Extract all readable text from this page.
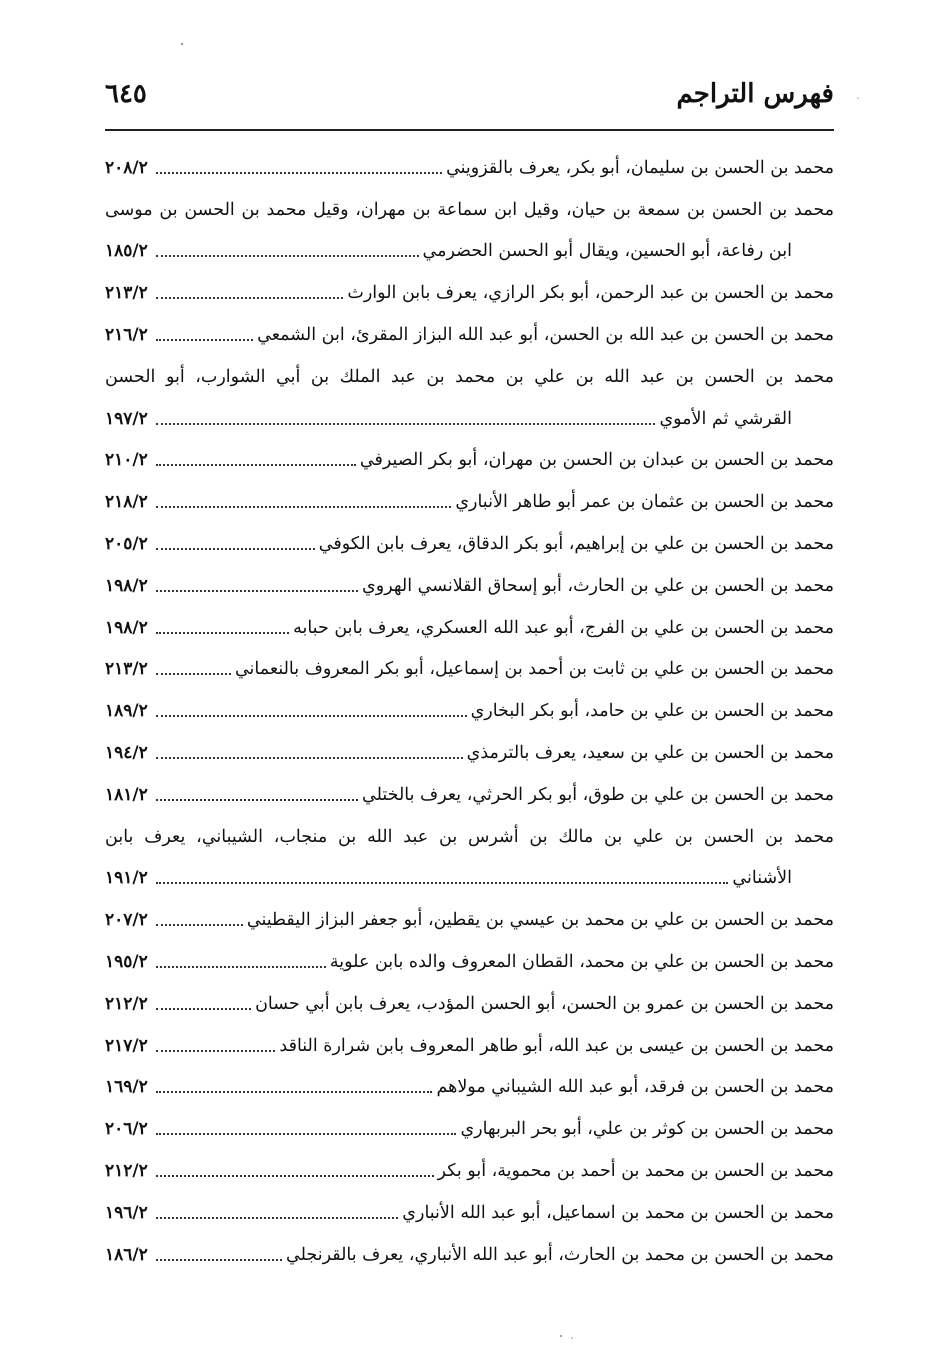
فهرس التراجم
٦٤٥
محمد بن الحسن بن سليمان، أبو بكر، يعرف بالقزويني
٢٠٨/٢
محمد بن الحسن بن سمعة بن حيان، وقيل ابن سماعة بن مهران، وقيل محمد بن الحسن بن موسى
ابن رفاعة، أبو الحسين، ويقال أبو الحسن الحضرمي
١٨٥/٢
محمد بن الحسن بن عبد الرحمن، أبو بكر الرازي، يعرف بابن الوارث
٢١٣/٢
محمد بن الحسن بن عبد الله بن الحسن، أبو عبد الله البزاز المقرئ، ابن الشمعي
٢١٦/٢
محمد بن الحسن بن عبد الله بن علي بن محمد بن عبد الملك بن أبي الشوارب، أبو الحسن
القرشي ثم الأموي
١٩٧/٢
محمد بن الحسن بن عبدان بن الحسن بن مهران، أبو بكر الصيرفي
٢١٠/٢
محمد بن الحسن بن عثمان بن عمر أبو طاهر الأنباري
٢١٨/٢
محمد بن الحسن بن علي بن إبراهيم، أبو بكر الدقاق، يعرف بابن الكوفي
٢٠٥/٢
محمد بن الحسن بن علي بن الحارث، أبو إسحاق القلانسي الهروي
١٩٨/٢
محمد بن الحسن بن علي بن الفرج، أبو عبد الله العسكري، يعرف بابن حبابه
١٩٨/٢
محمد بن الحسن بن علي بن ثابت بن أحمد بن إسماعيل، أبو بكر المعروف بالنعماني
٢١٣/٢
محمد بن الحسن بن علي بن حامد، أبو بكر البخاري
١٨٩/٢
محمد بن الحسن بن علي بن سعيد، يعرف بالترمذي
١٩٤/٢
محمد بن الحسن بن علي بن طوق، أبو بكر الحرثي، يعرف بالختلي
١٨١/٢
محمد بن الحسن بن علي بن مالك بن أشرس بن عبد الله بن منجاب، الشيباني، يعرف بابن
الأشناني
١٩١/٢
محمد بن الحسن بن علي بن محمد بن عيسي بن يقطين، أبو جعفر البزاز اليقطيني
٢٠٧/٢
محمد بن الحسن بن علي بن محمد، القطان المعروف والده بابن علوية
١٩٥/٢
محمد بن الحسن بن عمرو بن الحسن، أبو الحسن المؤدب، يعرف بابن أبي حسان
٢١٢/٢
محمد بن الحسن بن عيسى بن عبد الله، أبو طاهر المعروف بابن شرارة الناقد
٢١٧/٢
محمد بن الحسن بن فرقد، أبو عبد الله الشيباني مولاهم
١٦٩/٢
محمد بن الحسن بن كوثر بن علي، أبو بحر البربهاري
٢٠٦/٢
محمد بن الحسن بن محمد بن أحمد بن محموية، أبو بكر
٢١٢/٢
محمد بن الحسن بن محمد بن اسماعيل، أبو عبد الله الأنباري
١٩٦/٢
محمد بن الحسن بن محمد بن الحارث، أبو عبد الله الأنباري، يعرف بالقرنجلي
١٨٦/٢
